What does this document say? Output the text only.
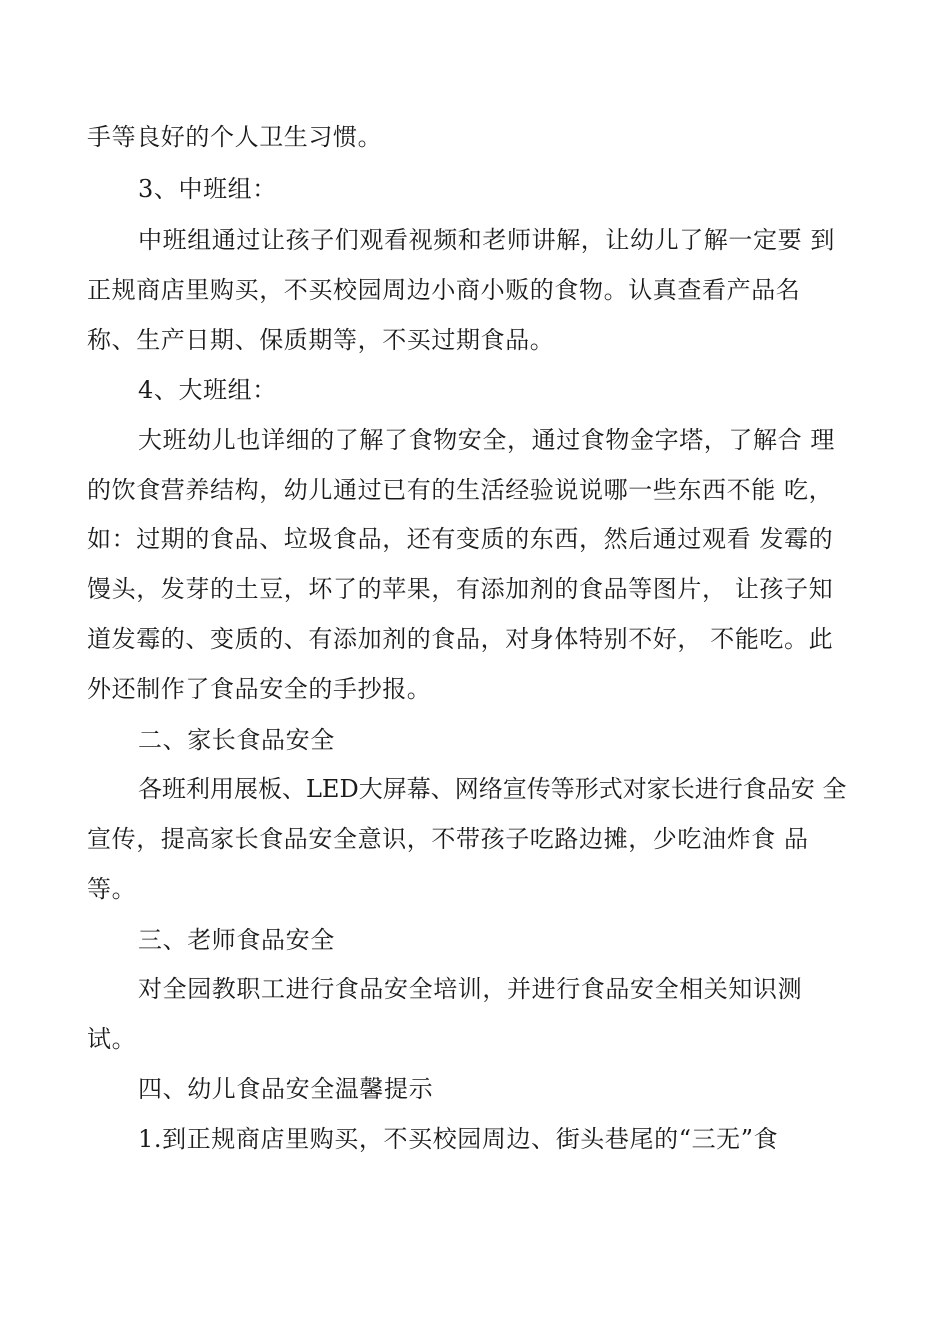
手等良好的个人卫生习惯。
3、中班组：
中班组通过让孩子们观看视频和老师讲解，让幼儿了解一定要 到
正规商店里购买，不买校园周边小商小贩的食物。认真查看产品名
称、生产日期、保质期等，不买过期食品。
4、大班组：
大班幼儿也详细的了解了食物安全，通过食物金字塔，了解合 理
的饮食营养结构，幼儿通过已有的生活经验说说哪一些东西不能 吃，
如：过期的食品、垃圾食品，还有变质的东西，然后通过观看 发霉的
馒头，发芽的土豆，坏了的苹果，有添加剂的食品等图片， 让孩子知
道发霉的、变质的、有添加剂的食品，对身体特别不好， 不能吃。此
外还制作了食品安全的手抄报。
二、家长食品安全
各班利用展板、LED大屏幕、网络宣传等形式对家长进行食品安 全
宣传，提高家长食品安全意识，不带孩子吃路边摊，少吃油炸食 品
等。
三、老师食品安全
对全园教职工进行食品安全培训，并进行食品安全相关知识测
试。
四、幼儿食品安全温馨提示
1.到正规商店里购买，不买校园周边、街头巷尾的“三无”食
